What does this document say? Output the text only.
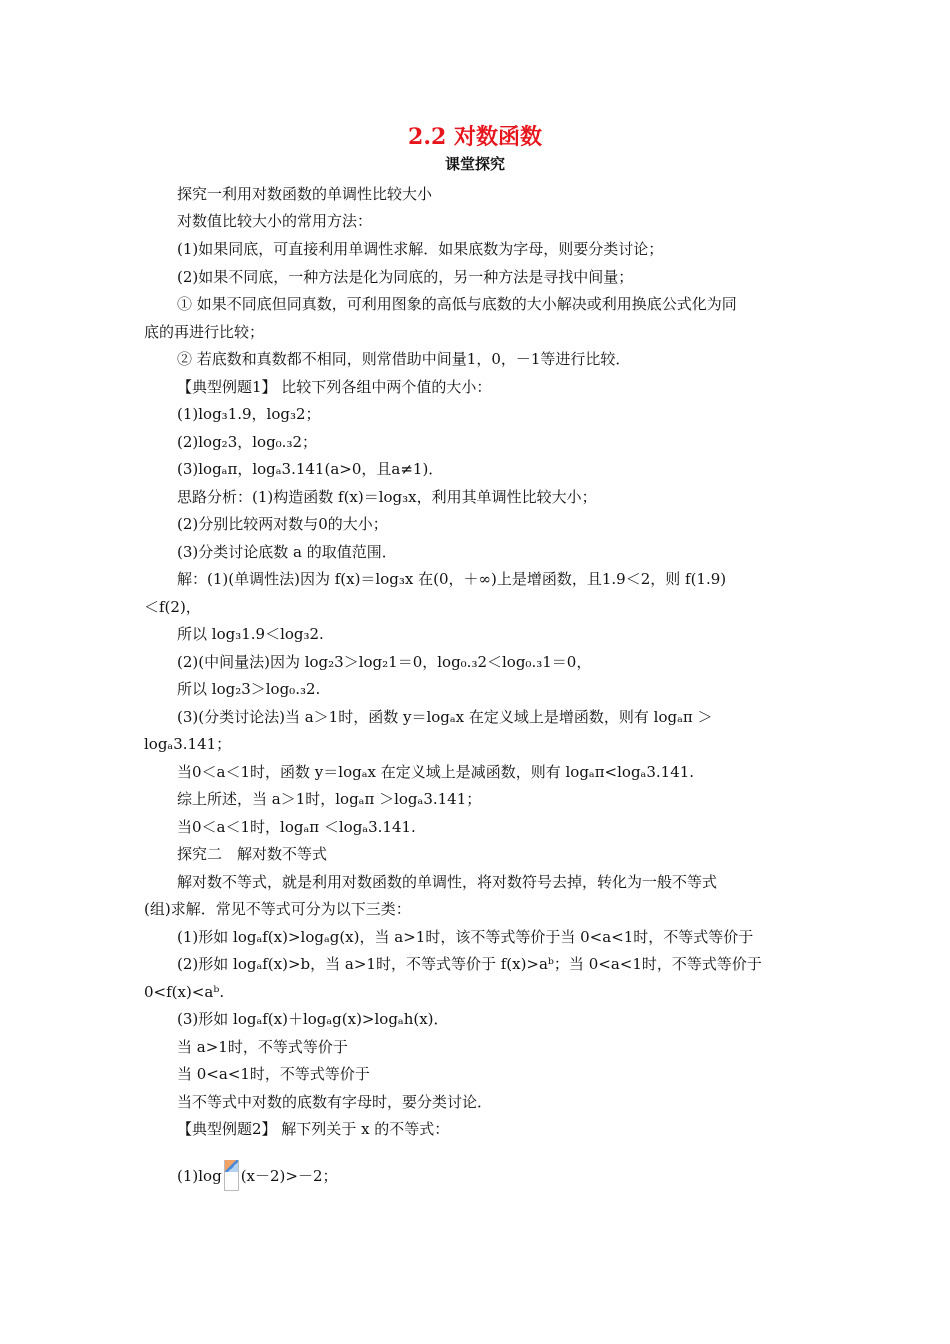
2.2 对数函数
课堂探究
探究一利用对数函数的单调性比较大小
对数值比较大小的常用方法：
(1)如果同底，可直接利用单调性求解．如果底数为字母，则要分类讨论；
(2)如果不同底，一种方法是化为同底的，另一种方法是寻找中间量；
① 如果不同底但同真数，可利用图象的高低与底数的大小解决或利用换底公式化为同
底的再进行比较；
② 若底数和真数都不相同，则常借助中间量1，0，－1等进行比较．
【典型例题1】 比较下列各组中两个值的大小：
(1)log₃1.9，log₃2；
(2)log₂3，log₀.₃2；
(3)logₐπ，logₐ3.141(a>0，且a≠1)．
思路分析：(1)构造函数 f(x)＝log₃x，利用其单调性比较大小；
(2)分别比较两对数与0的大小；
(3)分类讨论底数 a 的取值范围．
解：(1)(单调性法)因为 f(x)＝log₃x 在(0，＋∞)上是增函数，且1.9＜2，则 f(1.9)
＜f(2)，
所以 log₃1.9＜log₃2.
(2)(中间量法)因为 log₂3＞log₂1＝0，log₀.₃2＜log₀.₃1＝0，
所以 log₂3＞log₀.₃2.
(3)(分类讨论法)当 a＞1时，函数 y＝logₐx 在定义域上是增函数，则有 logₐπ ＞
logₐ3.141；
当0＜a＜1时，函数 y＝logₐx 在定义域上是减函数，则有 logₐπ<logₐ3.141.
综上所述，当 a＞1时，logₐπ ＞logₐ3.141；
当0＜a＜1时，logₐπ ＜logₐ3.141.
探究二　解对数不等式
解对数不等式，就是利用对数函数的单调性，将对数符号去掉，转化为一般不等式
(组)求解．常见不等式可分为以下三类：
(1)形如 logₐf(x)>logₐg(x)，当 a>1时，该不等式等价于当 0<a<1时，不等式等价于
(2)形如 logₐf(x)>b，当 a>1时，不等式等价于 f(x)>aᵇ；当 0<a<1时，不等式等价于
0<f(x)<aᵇ.
(3)形如 logₐf(x)＋logₐg(x)>logₐh(x)．
当 a>1时，不等式等价于
当 0<a<1时，不等式等价于
当不等式中对数的底数有字母时，要分类讨论．
【典型例题2】 解下列关于 x 的不等式：
(1)log (x－2)>－2；
